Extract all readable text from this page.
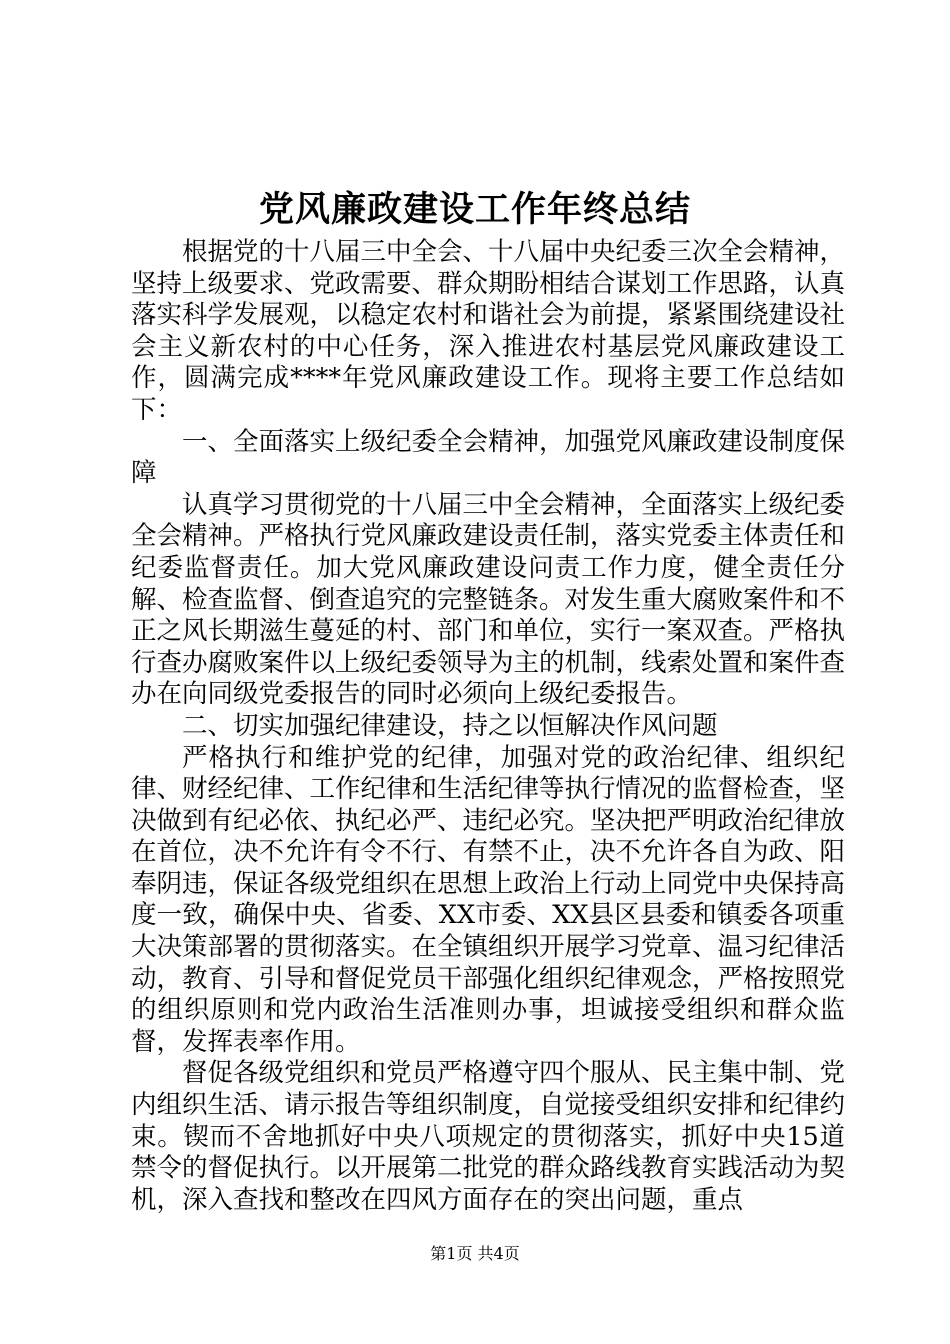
党风廉政建设工作年终总结

根据党的十八届三中全会、十八届中央纪委三次全会精神，坚持上级要求、党政需要、群众期盼相结合谋划工作思路，认真落实科学发展观，以稳定农村和谐社会为前提，紧紧围绕建设社会主义新农村的中心任务，深入推进农村基层党风廉政建设工作，圆满完成****年党风廉政建设工作。现将主要工作总结如下：

一、全面落实上级纪委全会精神，加强党风廉政建设制度保障

认真学习贯彻党的十八届三中全会精神，全面落实上级纪委全会精神。严格执行党风廉政建设责任制，落实党委主体责任和纪委监督责任。加大党风廉政建设问责工作力度，健全责任分解、检查监督、倒查追究的完整链条。对发生重大腐败案件和不正之风长期滋生蔓延的村、部门和单位，实行一案双查。严格执行查办腐败案件以上级纪委领导为主的机制，线索处置和案件查办在向同级党委报告的同时必须向上级纪委报告。

二、切实加强纪律建设，持之以恒解决作风问题

严格执行和维护党的纪律，加强对党的政治纪律、组织纪律、财经纪律、工作纪律和生活纪律等执行情况的监督检查，坚决做到有纪必依、执纪必严、违纪必究。坚决把严明政治纪律放在首位，决不允许有令不行、有禁不止，决不允许各自为政、阳奉阴违，保证各级党组织在思想上政治上行动上同党中央保持高度一致，确保中央、省委、XX市委、XX县区县委和镇委各项重大决策部署的贯彻落实。在全镇组织开展学习党章、温习纪律活动，教育、引导和督促党员干部强化组织纪律观念，严格按照党的组织原则和党内政治生活准则办事，坦诚接受组织和群众监督，发挥表率作用。

督促各级党组织和党员严格遵守四个服从、民主集中制、党内组织生活、请示报告等组织制度，自觉接受组织安排和纪律约束。锲而不舍地抓好中央八项规定的贯彻落实，抓好中央15道禁令的督促执行。以开展第二批党的群众路线教育实践活动为契机，深入查找和整改在四风方面存在的突出问题，重点

第1页 共4页
